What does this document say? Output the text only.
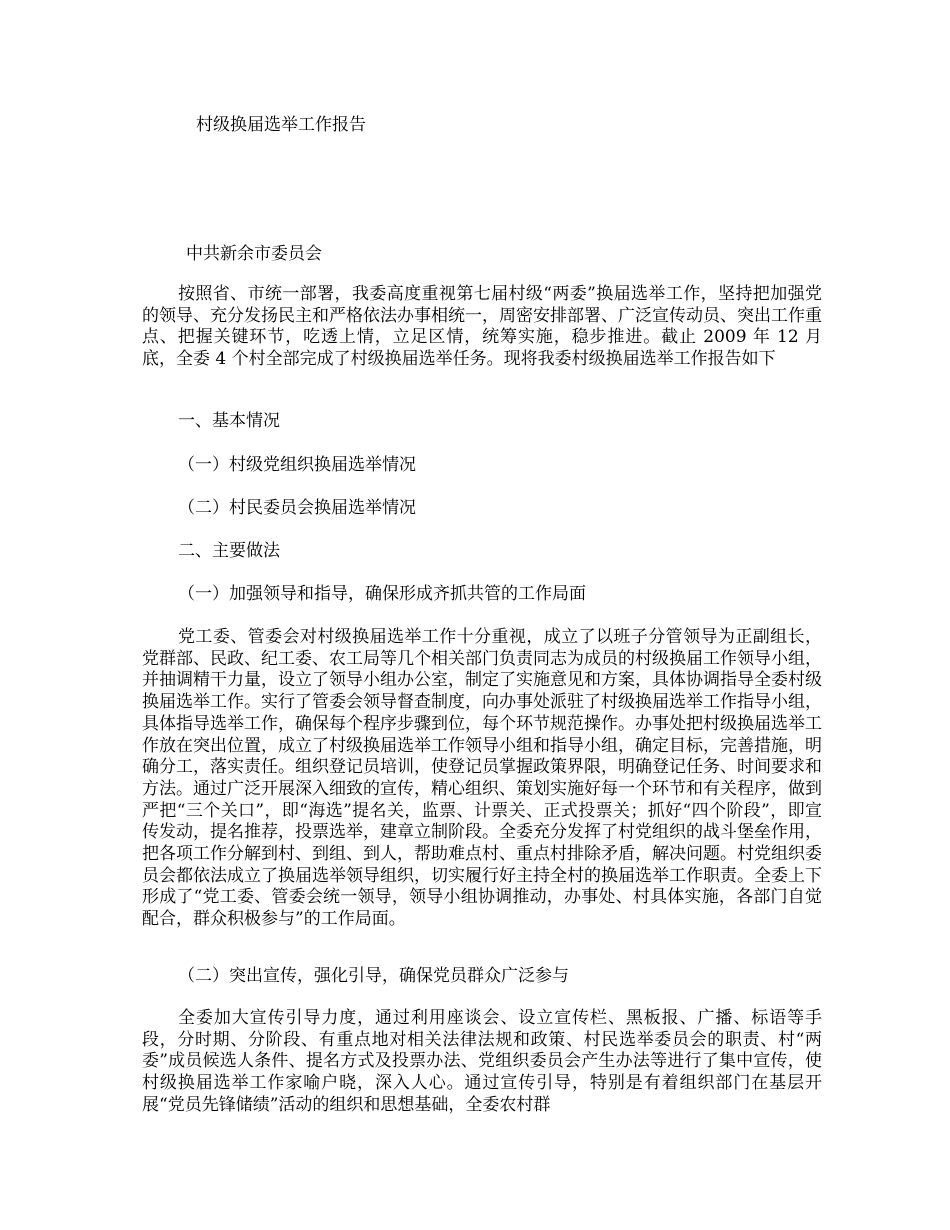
村级换届选举工作报告
中共新余市委员会

按照省、市统一部署，我委高度重视第七届村级“两委”换届选举工作，坚持把加强党的领导、充分发扬民主和严格依法办事相统一，周密安排部署、广泛宣传动员、突出工作重点、把握关键环节，吃透上情，立足区情，统筹实施，稳步推进。截止 2009 年 12 月底，全委 4 个村全部完成了村级换届选举任务。现将我委村级换届选举工作报告如下

一、基本情况

（一）村级党组织换届选举情况

（二）村民委员会换届选举情况

二、主要做法

（一）加强领导和指导，确保形成齐抓共管的工作局面

党工委、管委会对村级换届选举工作十分重视，成立了以班子分管领导为正副组长，党群部、民政、纪工委、农工局等几个相关部门负责同志为成员的村级换届工作领导小组，并抽调精干力量，设立了领导小组办公室，制定了实施意见和方案，具体协调指导全委村级换届选举工作。实行了管委会领导督查制度，向办事处派驻了村级换届选举工作指导小组，具体指导选举工作，确保每个程序步骤到位，每个环节规范操作。办事处把村级换届选举工作放在突出位置，成立了村级换届选举工作领导小组和指导小组，确定目标，完善措施，明确分工，落实责任。组织登记员培训，使登记员掌握政策界限，明确登记任务、时间要求和方法。通过广泛开展深入细致的宣传，精心组织、策划实施好每一个环节和有关程序，做到严把“三个关口”，即“海选”提名关，监票、计票关、正式投票关；抓好“四个阶段”，即宣传发动，提名推荐，投票选举，建章立制阶段。全委充分发挥了村党组织的战斗堡垒作用，把各项工作分解到村、到组、到人，帮助难点村、重点村排除矛盾，解决问题。村党组织委员会都依法成立了换届选举领导组织，切实履行好主持全村的换届选举工作职责。全委上下形成了“党工委、管委会统一领导，领导小组协调推动，办事处、村具体实施，各部门自觉配合，群众积极参与”的工作局面。

（二）突出宣传，强化引导，确保党员群众广泛参与

全委加大宣传引导力度，通过利用座谈会、设立宣传栏、黑板报、广播、标语等手段，分时期、分阶段、有重点地对相关法律法规和政策、村民选举委员会的职责、村“两委”成员候选人条件、提名方式及投票办法、党组织委员会产生办法等进行了集中宣传，使村级换届选举工作家喻户晓，深入人心。通过宣传引导，特别是有着组织部门在基层开展“党员先锋储绩”活动的组织和思想基础，全委农村群
